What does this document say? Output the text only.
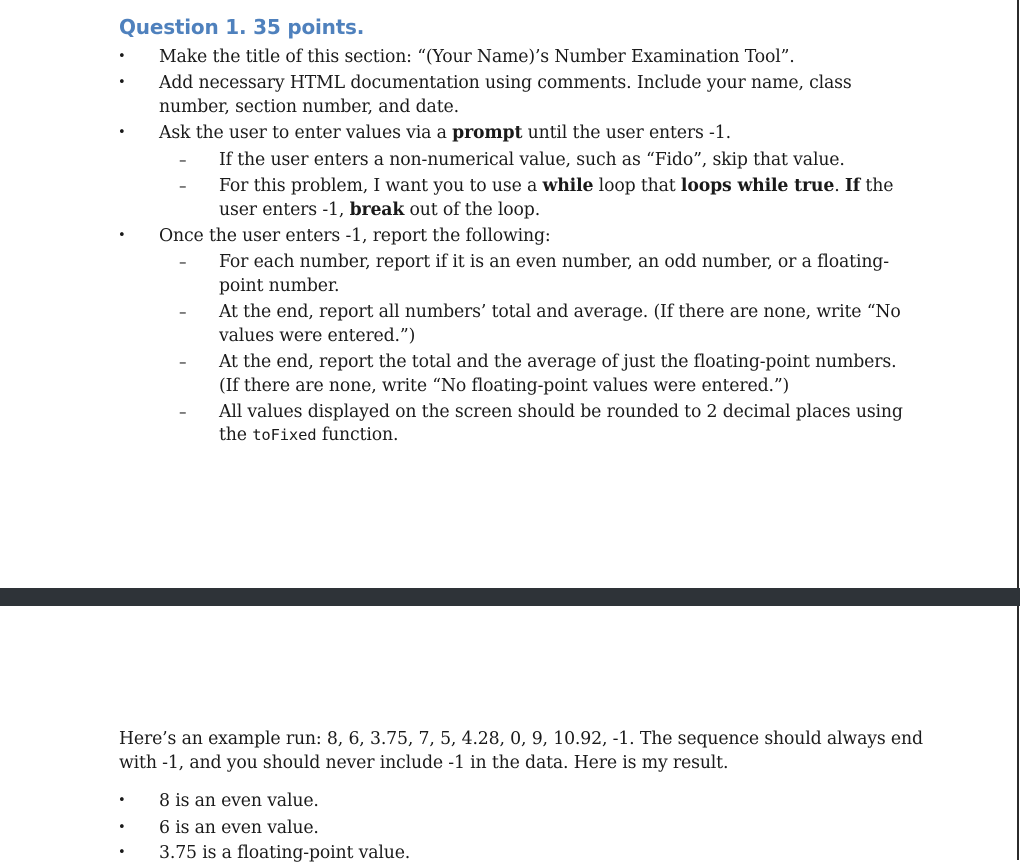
Question 1. 35 points.
• Make the title of this section: “(Your Name)’s Number Examination Tool”.
• Add necessary HTML documentation using comments. Include your name, class
number, section number, and date.
• Ask the user to enter values via a prompt until the user enters -1.
– If the user enters a non-numerical value, such as “Fido”, skip that value.
– For this problem, I want you to use a while loop that loops while true. If the
user enters -1, break out of the loop.
• Once the user enters -1, report the following:
– For each number, report if it is an even number, an odd number, or a floating-
point number.
– At the end, report all numbers’ total and average. (If there are none, write “No
values were entered.”)
– At the end, report the total and the average of just the floating-point numbers.
(If there are none, write “No floating-point values were entered.”)
– All values displayed on the screen should be rounded to 2 decimal places using
the toFixed function.
Here’s an example run: 8, 6, 3.75, 7, 5, 4.28, 0, 9, 10.92, -1. The sequence should always end
with -1, and you should never include -1 in the data. Here is my result.
• 8 is an even value.
• 6 is an even value.
• 3.75 is a floating-point value.
